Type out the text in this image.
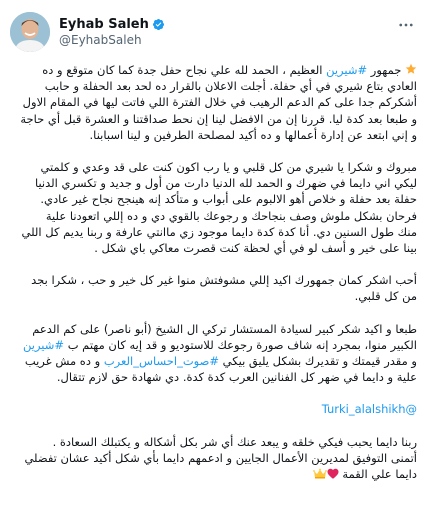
Eyhab Saleh
@EyhabSaleh

جمهور #شيرين العظيم ، الحمد لله علي نجاح حفل جدة كما كان متوقع و ده
العادي بتاع شيري في أي حفلة. أجلت الاعلان بالقرار ده لحد بعد الحفلة و حابب
أشكركم جدا على كم الدعم الرهيب في خلال الفترة اللي فاتت ليها في المقام الاول
و طبعا بعد كدة ليا. قررنا إن من الافضل لينا إن نحط صداقتنا و العشرة قبل أي حاجة
و إني ابتعد عن إدارة أعمالها و ده أكيد لمصلحة الطرفين و لينا اسبابنا.

مبروك و شكرا يا شيري من كل قلبي و يا رب اكون كنت على قد وعدي و كلمتي
ليكي اني دايما في ضهرك و الحمد لله الدنيا دارت من أول و جديد و تكسري الدنيا
حفلة بعد حفلة و خلاص أهو الالبوم على أبواب و متأكد إنه هينجح نجاح غير عادي.
فرحان بشكل ملوش وصف بنجاحك و رجوعك بالقوي دي و ده إللي اتعودنا علية
منك طول السنين دي. أنا كدة كدة دايما موجود زي ماانتي عارفة و ربنا يديم كل اللي
بينا على خير و أسف لو في أي لحظة كنت قصرت معاكي باي شكل .

أحب اشكر كمان جمهورك اكيد إللي مشوفتش منوا غير كل خير و حب ، شكرا بجد
من كل قلبي.

طبعا و اكيد شكر كبير لسيادة المستشار تركي ال الشيخ (أبو ناصر) على كم الدعم
الكبير منوا، بمجرد إنه شاف صورة رجوعك للاستوديو و قد إيه كان مهتم ب #شيرين
و مقدر قيمتك و تقديرك بشكل يليق بيكي #صوت_احساس_العرب و ده مش غريب
علية و دايما في ضهر كل الفنانين العرب كدة كدة. دي شهادة حق لازم تتقال.

@Turki_alalshikh

ربنا دايما يحبب فيكي خلقه و يبعد عنك أي شر بكل أشكاله و يكتبلك السعادة .
أتمنى التوفيق لمديرين الأعمال الجايين و ادعمهم دايما بأي شكل أكيد عشان تفضلي
دايما علي القمة
